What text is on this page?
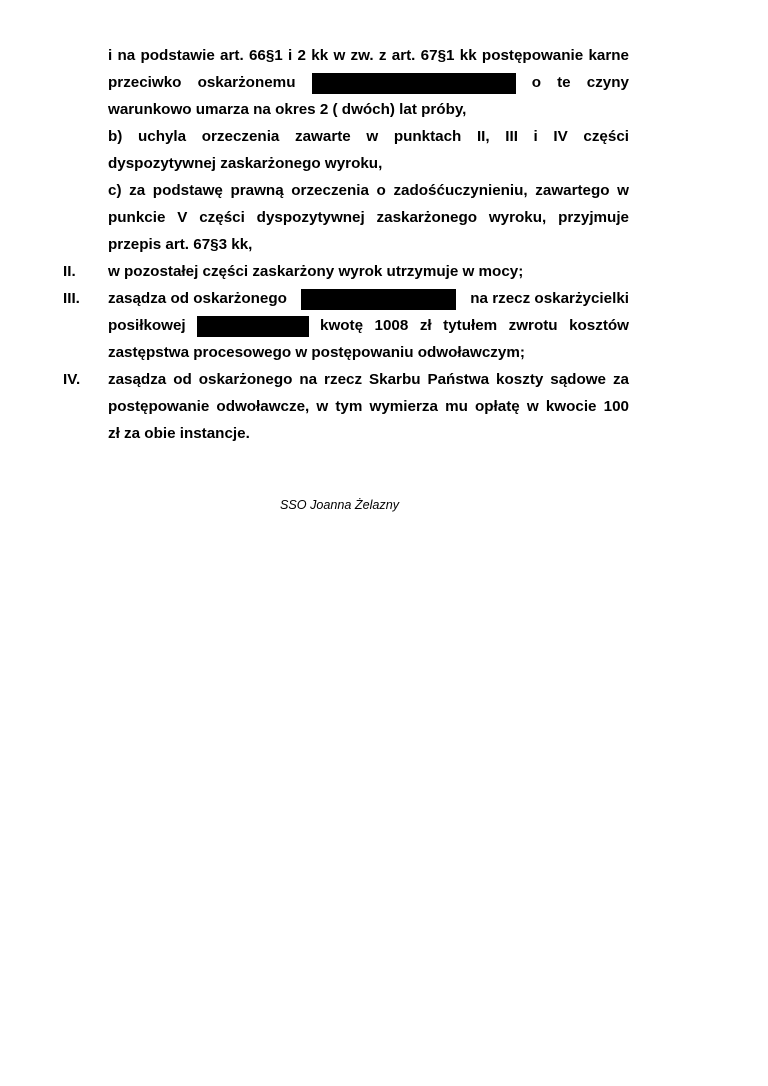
i na podstawie art. 66§1 i 2 kk w zw. z art. 67§1 kk postępowanie karne
przeciwko oskarżonemu	o te czyny
warunkowo umarza na okres 2 ( dwóch) lat próby,
b) uchyla orzeczenia zawarte w punktach II, III i IV części
dyspozytywnej zaskarżonego wyroku,
c) za podstawę prawną orzeczenia o zadośćuczynieniu, zawartego w
punkcie V części dyspozytywnej zaskarżonego wyroku, przyjmuje
przepis art. 67§3 kk,
II. w pozostałej części zaskarżony wyrok utrzymuje w mocy;
III. zasądza od oskarżonego	na rzecz oskarżycielki
posiłkowej	kwotę 1008 zł tytułem zwrotu kosztów
zastępstwa procesowego w postępowaniu odwoławczym;
IV. zasądza od oskarżonego na rzecz Skarbu Państwa koszty sądowe za
postępowanie odwoławcze, w tym wymierza mu opłatę w kwocie 100
zł za obie instancje.
SSO Joanna Żelazny
